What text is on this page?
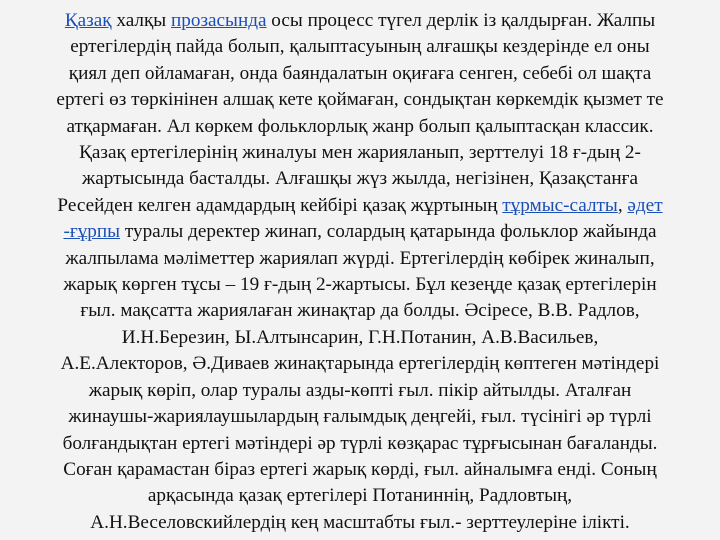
Қазақ халқы прозасында осы процесс түгел дерлік із қалдырған. Жалпы
ертегілердің пайда болып, қалыптасуының алғашқы кездерінде ел оны
қиял деп ойламаған, онда баяндалатын оқиғаға сенген, себебі ол шақта
ертегі өз төркінінен алшақ кете қоймаған, сондықтан көркемдік қызмет те
атқармаған. Ал көркем фольклорлық жанр болып қалыптасқан классик.
Қазақ ертегілерінің жиналуы мен жарияланып, зерттелуі 18 ғ-дың 2-
жартысында басталды. Алғашқы жүз жылда, негізінен, Қазақстанға
Ресейден келген адамдардың кейбірі қазақ жұртының тұрмыс-салты, әдет
-ғұрпы туралы деректер жинап, солардың қатарында фольклор жайында
жалпылама мәліметтер жариялап жүрді. Ертегілердің көбірек жиналып,
жарық көрген тұсы – 19 ғ-дың 2-жартысы. Бұл кезеңде қазақ ертегілерін
ғыл. мақсатта жариялаған жинақтар да болды. Әсіресе, В.В. Радлов,
И.Н.Березин, Ы.Алтынсарин, Г.Н.Потанин, А.В.Васильев,
А.Е.Алекторов, Ә.Диваев жинақтарында ертегілердің көптеген мәтіндері
жарық көріп, олар туралы азды-көпті ғыл. пікір айтылды. Аталған
жинаушы-жариялаушылардың ғалымдық деңгейі, ғыл. түсінігі әр түрлі
болғандықтан ертегі мәтіндері әр түрлі көзқарас тұрғысынан бағаланды.
Соған қарамастан біраз ертегі жарық көрді, ғыл. айналымға енді. Соның
арқасында қазақ ертегілері Потаниннің, Радловтың,
А.Н.Веселовскийлердің кең масштабты ғыл.- зерттеулеріне ілікті.
